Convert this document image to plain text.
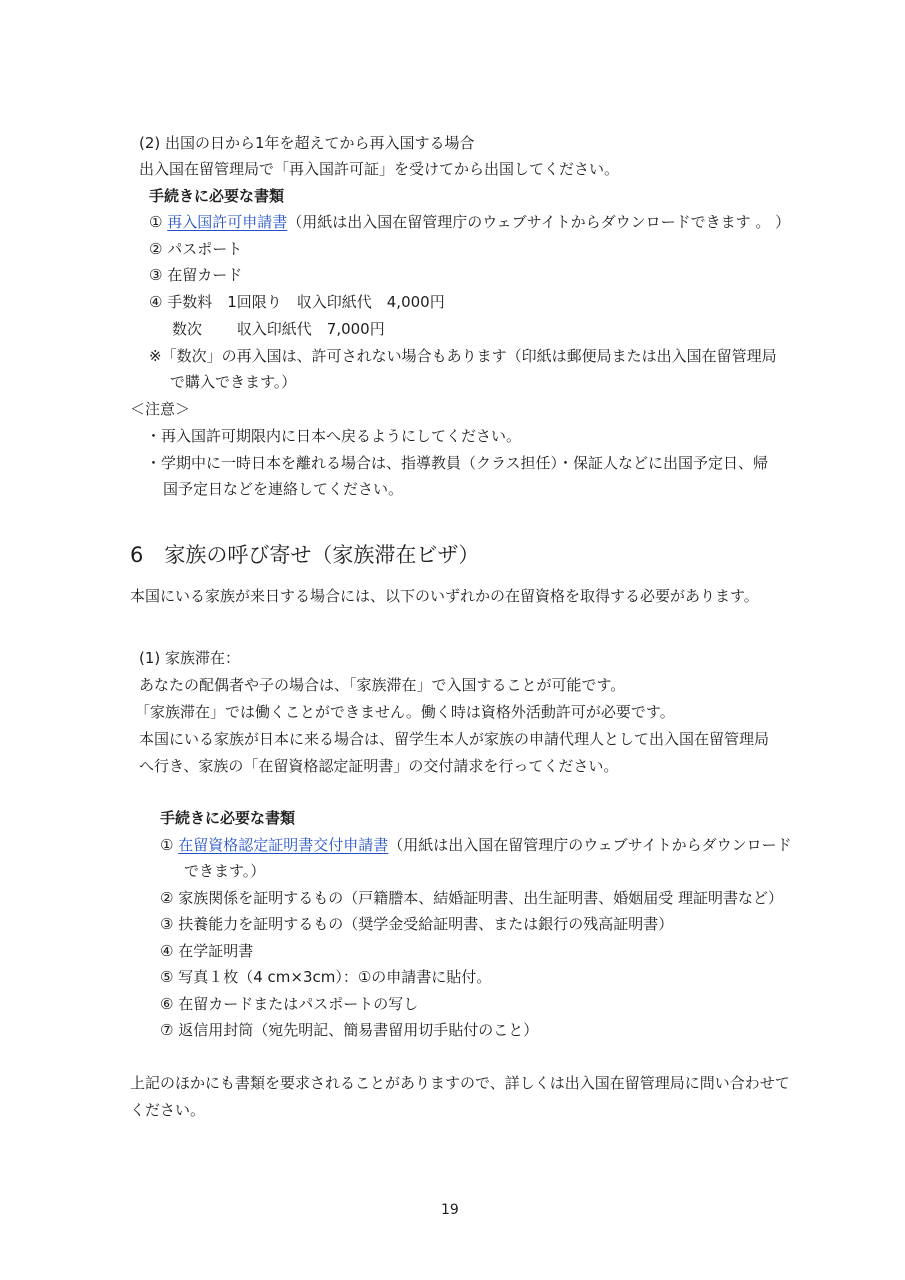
(2) 出国の日から1年を超えてから再入国する場合
出入国在留管理局で「再入国許可証」を受けてから出国してください。
手続きに必要な書類
① 再入国許可申請書（用紙は出入国在留管理庁のウェブサイトからダウンロードできます 。 ）
② パスポート
③ 在留カード
④ 手数料　1回限り　収入印紙代　4,000円
数次　　 収入印紙代　7,000円
※「数次」の再入国は、許可されない場合もあります（印紙は郵便局または出入国在留管理局
で購入できます。）
＜注意＞
・再入国許可期限内に日本へ戻るようにしてください。
・学期中に一時日本を離れる場合は、指導教員（クラス担任）・保証人などに出国予定日、帰
国予定日などを連絡してください。
6　家族の呼び寄せ（家族滞在ビザ）
本国にいる家族が来日する場合には、以下のいずれかの在留資格を取得する必要があります。
(1) 家族滞在：
あなたの配偶者や子の場合は、「家族滞在」で入国することが可能です。
「家族滞在」では働くことができません。働く時は資格外活動許可が必要です。
本国にいる家族が日本に来る場合は、留学生本人が家族の申請代理人として出入国在留管理局
へ行き、家族の「在留資格認定証明書」の交付請求を行ってください。
手続きに必要な書類
① 在留資格認定証明書交付申請書（用紙は出入国在留管理庁のウェブサイトからダウンロード
できます。）
② 家族関係を証明するもの（戸籍謄本、結婚証明書、出生証明書、婚姻届受 理証明書など）
③ 扶養能力を証明するもの（奨学金受給証明書、または銀行の残高証明書）
④ 在学証明書
⑤ 写真１枚（4 cm×3cm）：①の申請書に貼付。
⑥ 在留カードまたはパスポートの写し
⑦ 返信用封筒（宛先明記、簡易書留用切手貼付のこと）
上記のほかにも書類を要求されることがありますので、詳しくは出入国在留管理局に問い合わせて
ください。
19
